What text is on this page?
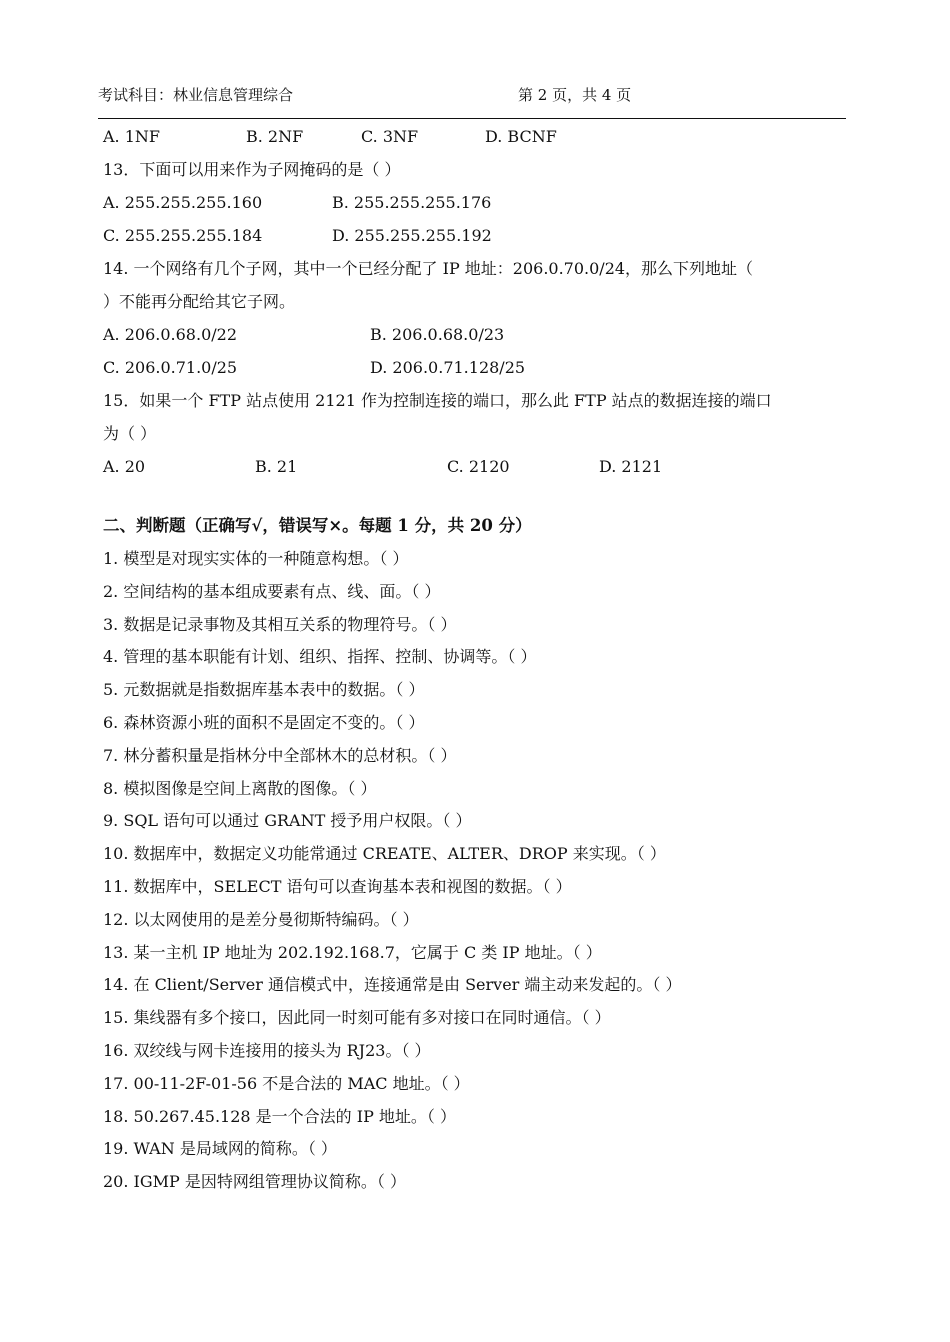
考试科目：林业信息管理综合	第 2 页，共 4 页
A. 1NF	B. 2NF	C. 3NF	D. BCNF
13．下面可以用来作为子网掩码的是（ ）
A. 255.255.255.160	B. 255.255.255.176
C. 255.255.255.184	D. 255.255.255.192
14. 一个网络有几个子网，其中一个已经分配了 IP 地址：206.0.70.0/24，那么下列地址（
）不能再分配给其它子网。
A. 206.0.68.0/22	B. 206.0.68.0/23
C. 206.0.71.0/25	D. 206.0.71.128/25
15．如果一个 FTP 站点使用 2121 作为控制连接的端口，那么此 FTP 站点的数据连接的端口
为（ ）
A. 20	B. 21	C. 2120	D. 2121
二、判断题（正确写√，错误写×。每题 1 分，共 20 分）
1. 模型是对现实实体的一种随意构想。（ ）
2. 空间结构的基本组成要素有点、线、面。（ ）
3. 数据是记录事物及其相互关系的物理符号。（ ）
4. 管理的基本职能有计划、组织、指挥、控制、协调等。（ ）
5. 元数据就是指数据库基本表中的数据。（ ）
6. 森林资源小班的面积不是固定不变的。（ ）
7. 林分蓄积量是指林分中全部林木的总材积。（ ）
8. 模拟图像是空间上离散的图像。（ ）
9. SQL 语句可以通过 GRANT 授予用户权限。（ ）
10. 数据库中，数据定义功能常通过 CREATE、ALTER、DROP 来实现。（ ）
11. 数据库中，SELECT 语句可以查询基本表和视图的数据。（ ）
12. 以太网使用的是差分曼彻斯特编码。（ ）
13. 某一主机 IP 地址为 202.192.168.7，它属于 C 类 IP 地址。（ ）
14. 在 Client/Server 通信模式中，连接通常是由 Server 端主动来发起的。（ ）
15. 集线器有多个接口，因此同一时刻可能有多对接口在同时通信。（ ）
16. 双绞线与网卡连接用的接头为 RJ23。（ ）
17. 00-11-2F-01-56 不是合法的 MAC 地址。（ ）
18. 50.267.45.128 是一个合法的 IP 地址。（ ）
19. WAN 是局域网的简称。（ ）
20. IGMP 是因特网组管理协议简称。（ ）
